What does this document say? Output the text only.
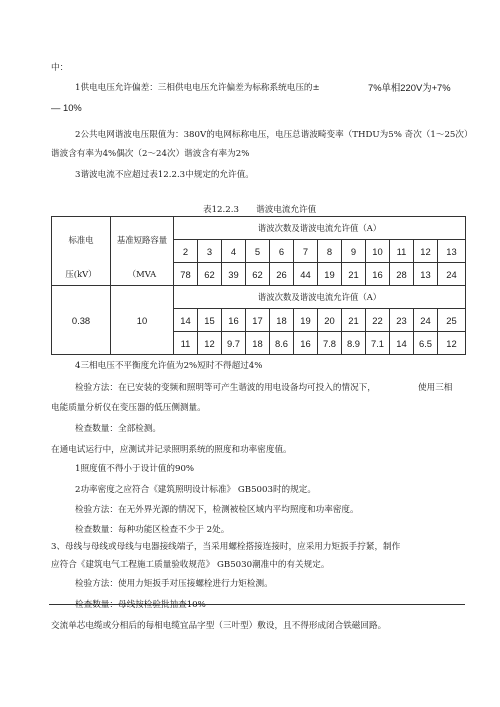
中：
1供电电压允许偏差：三相供电电压允许偏差为标称系统电压的±	7%单相220V为+7%
— 10%
2公共电网谐波电压限值为：380V的电网标称电压，电压总谐波畸变率（THDU为5% 奇次（1〜25次）
谐波含有率为4%偶次（2〜24次）谐波含有率为2%
3谐波电流不应超过表12.2.3中规定的允许值。
表12.2.3　　谐波电流允许值
标准电	基准短路容量	谐波次数及谐波电流允许值（A）											
		2	3	4	5	6	7	8	9	10	11	12	13
压(kV）	（MVA	78	62	39	62	26	44	19	21	16	28	13	24
0.38	10	谐波次数及谐波电流允许值（A）											
		14	15	16	17	18	19	20	21	22	23	24	25
		11	12	9.7	18	8.6	16	7.8	8.9	7.1	14	6.5	12
4三相电压不平衡度允许值为2%短时不得超过4%
检验方法：在已安装的变频和照明等可产生谐波的用电设备均可投入的情况下，	使用三相
电能质量分析仪在变压器的低压侧测量。
检查数量：全部检测。
在通电试运行中，应测试并记录照明系统的照度和功率密度值。
1照度值不得小于设计值的90%
2功率密度之应符合《建筑照明设计标准》 GB5003时的规定。
检验方法：在无外界光源的情况下，检测被检区域内平均照度和功率密度。
检查数量：每种功能区检查不少于 2处。
3、母线与母线或母线与电器接线端子，当采用螺栓搭接连接时，应采用力矩扳手拧紧，制作
应符合《建筑电气工程施工质量验收规范》 GB5030潮准中的有关规定。
检验方法：使用力矩扳手对压接螺栓进行力矩检测。
检查数量：母线按检验批抽查10%
交流单芯电缆或分相后的每相电缆宜品字型（三叶型）敷设，且不得形成闭合铁磁回路。
